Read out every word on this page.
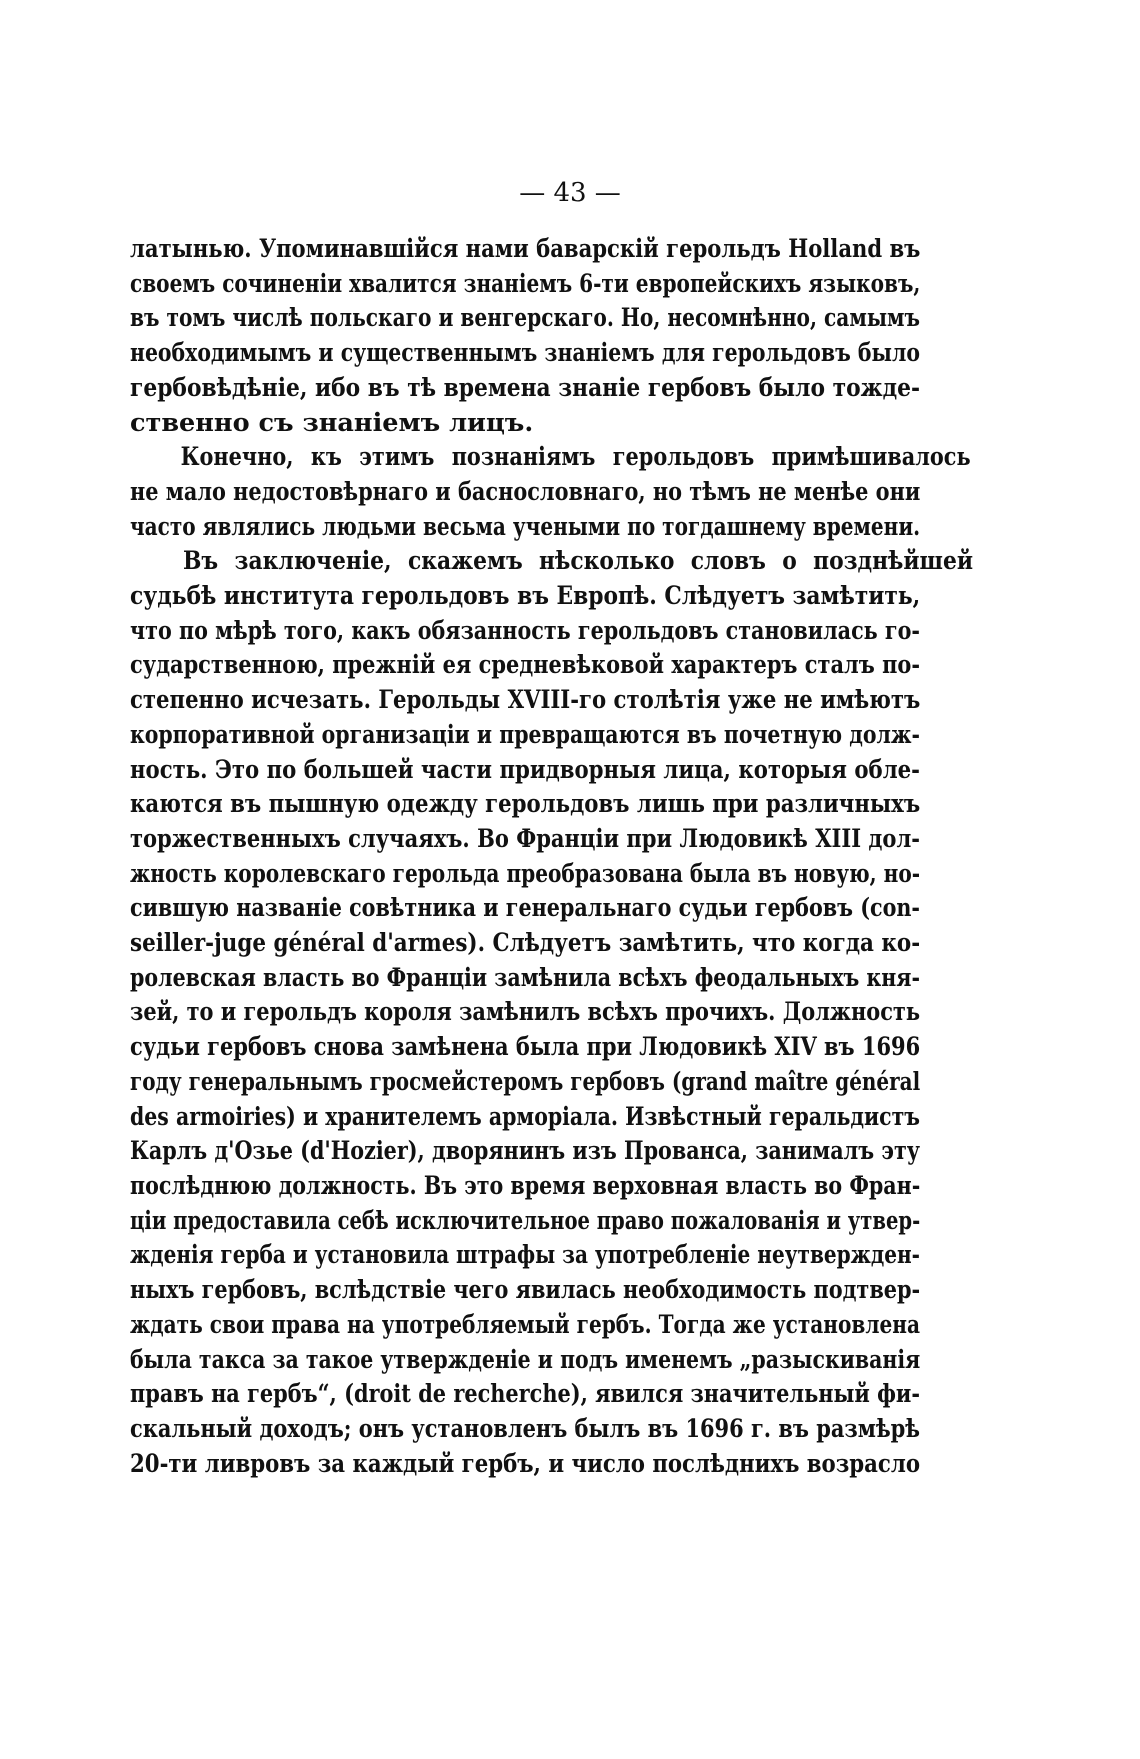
— 43 —
латынью. Упоминавшійся нами баварскій герольдъ Holland въ
своемъ сочиненіи хвалится знаніемъ 6-ти европейскихъ языковъ,
въ томъ числѣ польскаго и венгерскаго. Но, несомнѣнно, самымъ
необходимымъ и существеннымъ знаніемъ для герольдовъ было
гербовѣдѣніе, ибо въ тѣ времена знаніе гербовъ было тожде-
ственно съ знаніемъ лицъ.
Конечно, къ этимъ познаніямъ герольдовъ примѣшивалось
не мало недостовѣрнаго и баснословнаго, но тѣмъ не менѣе они
часто являлись людьми весьма учеными по тогдашнему времени.
Въ заключеніе, скажемъ нѣсколько словъ о позднѣйшей
судьбѣ института герольдовъ въ Европѣ. Слѣдуетъ замѣтить,
что по мѣрѣ того, какъ обязанность герольдовъ становилась го-
сударственною, прежній ея средневѣковой характеръ сталъ по-
степенно исчезать. Герольды XVIII-го столѣтія уже не имѣютъ
корпоративной организаціи и превращаются въ почетную долж-
ность. Это по большей части придворныя лица, которыя обле-
каются въ пышную одежду герольдовъ лишь при различныхъ
торжественныхъ случаяхъ. Во Франціи при Людовикѣ XIII дол-
жность королевскаго герольда преобразована была въ новую, но-
сившую названіе совѣтника и генеральнаго судьи гербовъ (con-
seiller-juge général d'armes). Слѣдуетъ замѣтить, что когда ко-
ролевская власть во Франціи замѣнила всѣхъ феодальныхъ кня-
зей, то и герольдъ короля замѣнилъ всѣхъ прочихъ. Должность
судьи гербовъ снова замѣнена была при Людовикѣ XIV въ 1696
году генеральнымъ гросмейстеромъ гербовъ (grand maître général
des armoiries) и хранителемъ арморіала. Извѣстный геральдистъ
Карлъ д'Озье (d'Hozier), дворянинъ изъ Прованса, занималъ эту
послѣднюю должность. Въ это время верховная власть во Фран-
ціи предоставила себѣ исключительное право пожалованія и утвер-
жденія герба и установила штрафы за употребленіе неутвержден-
ныхъ гербовъ, вслѣдствіе чего явилась необходимость подтвер-
ждать свои права на употребляемый гербъ. Тогда же установлена
была такса за такое утвержденіе и подъ именемъ „разыскиванія
правъ на гербъ“, (droit de recherche), явился значительный фи-
скальный доходъ; онъ установленъ былъ въ 1696 г. въ размѣрѣ
20-ти ливровъ за каждый гербъ, и число послѣднихъ возрасло
